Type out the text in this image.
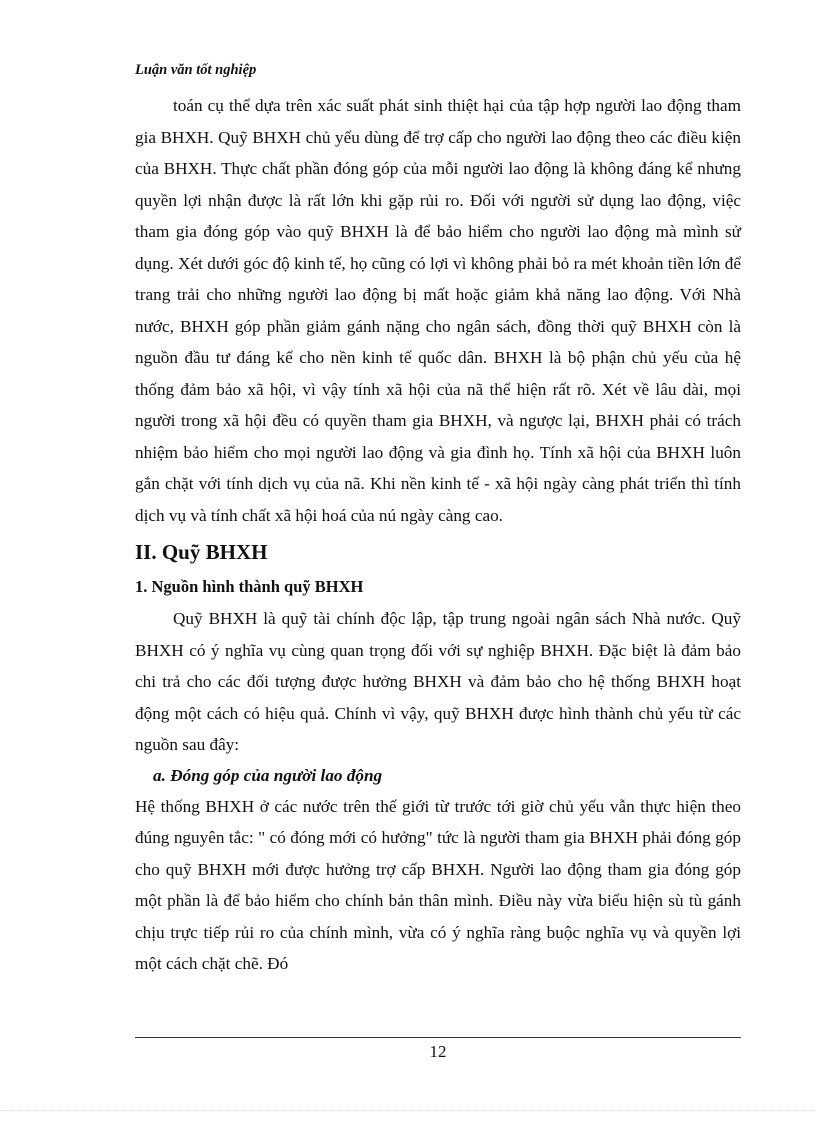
Luận văn tốt nghiệp

toán cụ thể dựa trên xác suất phát sinh thiệt hại của tập hợp người lao động tham gia BHXH. Quỹ BHXH chủ yếu dùng để trợ cấp cho người lao động theo các điều kiện của BHXH. Thực chất phần đóng góp của mỗi người lao động là không đáng kể nhưng quyền lợi nhận được là rất lớn khi gặp rủi ro. Đối với người sử dụng lao động, việc tham gia đóng góp vào quỹ BHXH là để bảo hiểm cho người lao động mà mình sử dụng. Xét dưới góc độ kinh tế, họ cũng có lợi vì không phải bỏ ra mét khoản tiền lớn để trang trải cho những người lao động bị mất hoặc giảm khả năng lao động. Với Nhà nước, BHXH góp phần giảm gánh nặng cho ngân sách, đồng thời quỹ BHXH còn là nguồn đầu tư đáng kể cho nền kinh tế quốc dân. BHXH là bộ phận chủ yếu của hệ thống đảm bảo xã hội, vì vậy tính xã hội của nã thể hiện rất rõ. Xét về lâu dài, mọi người trong xã hội đều có quyền tham gia BHXH, và ngược lại, BHXH phải có trách nhiệm bảo hiểm cho mọi người lao động và gia đình họ. Tính xã hội của BHXH luôn gắn chặt với tính dịch vụ của nã. Khi nền kinh tế - xã hội ngày càng phát triển thì tính dịch vụ và tính chất xã hội hoá của nú ngày càng cao.

II. Quỹ BHXH

1. Nguồn hình thành quỹ BHXH

Quỹ BHXH là quỹ tài chính độc lập, tập trung ngoài ngân sách Nhà nước. Quỹ BHXH có ý nghĩa vụ cùng quan trọng đối với sự nghiệp BHXH. Đặc biệt là đảm bảo chi trả cho các đối tượng được hưởng BHXH và đảm bảo cho hệ thống BHXH hoạt động một cách có hiệu quả. Chính vì vậy, quỹ BHXH được hình thành chủ yếu từ các nguồn sau đây:

a. Đóng góp của người lao động

Hệ thống BHXH ở các nước trên thế giới từ trước tới giờ chủ yếu vẫn thực hiện theo đúng nguyên tắc: " có đóng mới có hưởng" tức là người tham gia BHXH phải đóng góp cho quỹ BHXH mới được hưởng trợ cấp BHXH. Người lao động tham gia đóng góp một phần là để bảo hiểm cho chính bản thân mình. Điều này vừa biểu hiện sù tù gánh chịu trực tiếp rủi ro của chính mình, vừa có ý nghĩa ràng buộc nghĩa vụ và quyền lợi một cách chặt chẽ. Đó

12
